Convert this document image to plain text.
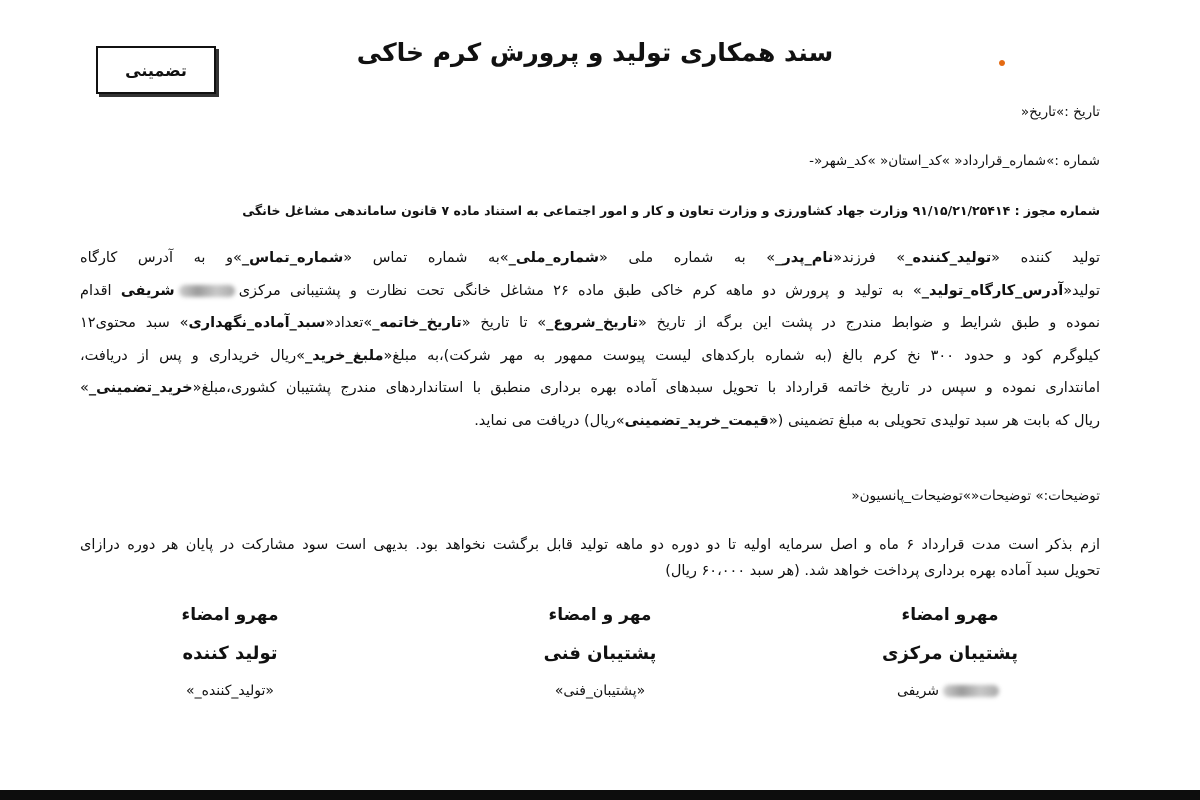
تضمینی
سند همکاری تولید و پرورش کرم خاکی
تاریخ :»تاریخ«
شماره :»شماره_قرارداد« »کد_استان« »کد_شهر«-
شماره مجوز : ۹۱/۱۵/۲۱/۲۵۴۱۴ وزارت جهاد کشاورزی و وزارت تعاون و کار و امور اجتماعی به استناد ماده ۷ قانون ساماندهی مشاغل خانگی
تولید کننده «تولید_کننده_» فرزند«نام_پدر_» به شماره ملی «شماره_ملی_»به شماره تماس «شماره_تماس_»و به آدرس کارگاه
تولید«آدرس_کارگاه_تولید_» به تولید و پرورش دو ماهه کرم خاکی طبق ماده ۲۶ مشاغل خانگی تحت نظارت و پشتیبانی مرکزیشریفی اقدام
نموده و طبق شرایط و ضوابط مندرج در پشت این برگه از تاریخ «تاریخ_شروع_» تا تاریخ «تاریخ_خاتمه_»تعداد«سبد_آماده_نگهداری» سبد محتوی۱۲
کیلوگرم کود و حدود ۳۰۰ نخ کرم بالغ (به شماره بارکدهای لیست پیوست ممهور به مهر شرکت)،به مبلغ«ملبغ_خرید_»ریال خریداری و پس از دریافت،
امانتداری نموده و سپس در تاریخ خاتمه قرارداد با تحویل سبدهای آماده بهره برداری منطبق با استانداردهای مندرج پشتیبان کشوری،مبلغ«خرید_تضمینی_»
ریال که بابت هر سبد تولیدی تحویلی به مبلغ تضمینی («قیمت_خرید_تضمینی»ریال) دریافت می نماید.
توضیحات:» توضیحات«»توضیحات_پانسیون«
ازم بذکر است مدت قرارداد ۶ ماه و اصل سرمایه اولیه تا دو دوره دو ماهه تولید قابل برگشت نخواهد بود. بدیهی است سود مشارکت در پایان هر دوره درازای
تحویل سبد آماده بهره برداری پرداخت خواهد شد. (هر سبد ۶۰،۰۰۰ ریال)
مهرو امضاء
پشتیبان مرکزی
شریفی
مهر و امضاء
پشتیبان فنی
«پشتیبان_فنی»
مهرو امضاء
تولید کننده
«تولید_کننده_»
